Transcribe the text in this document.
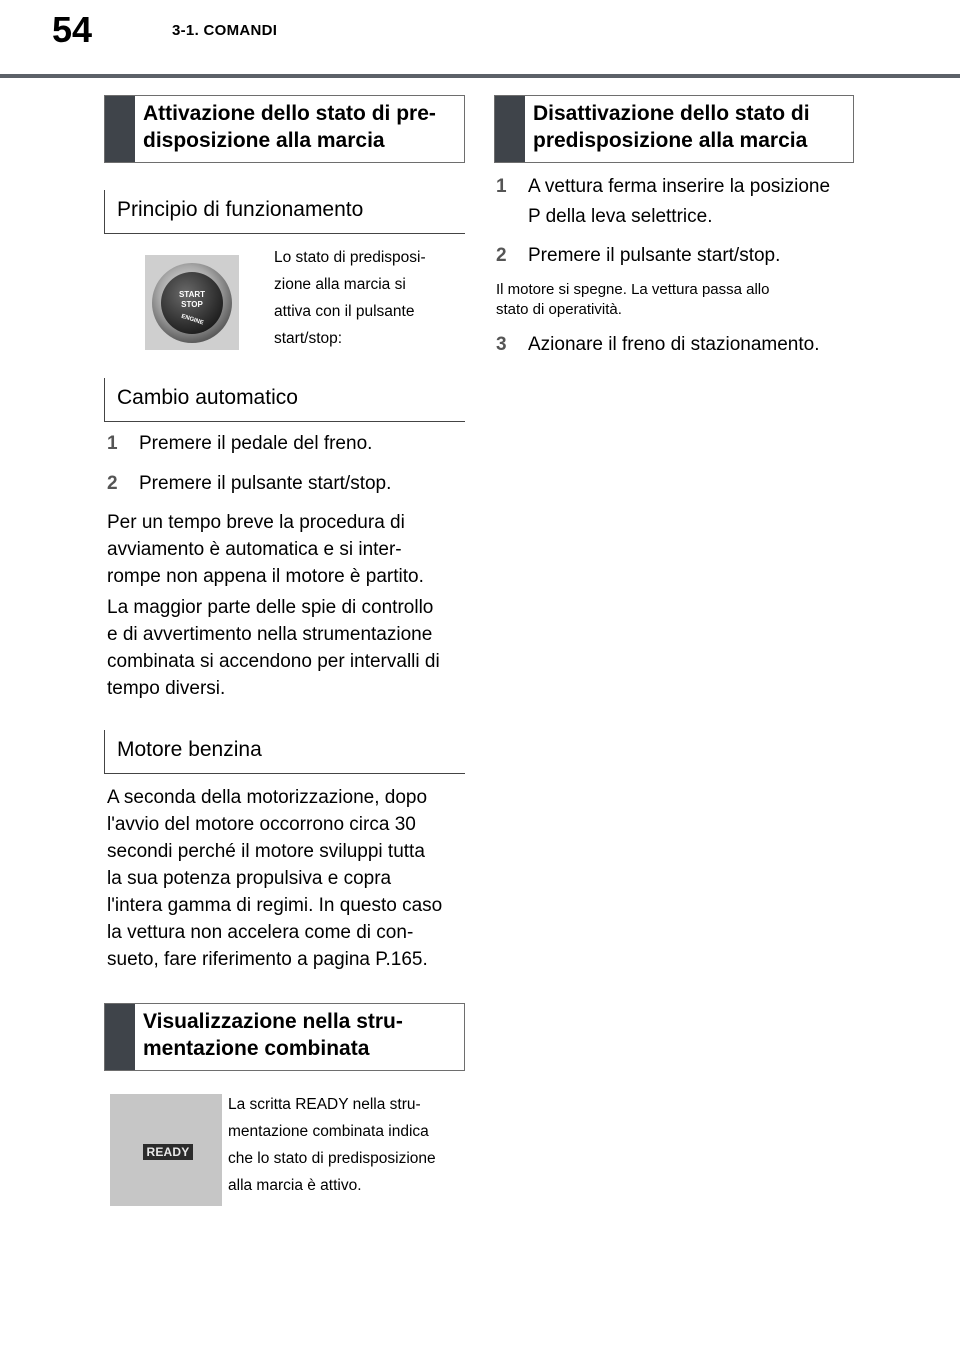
54	3-1. COMANDI
Attivazione dello stato di pre-disposizione alla marcia
Principio di funzionamento
START
STOP
ENGINE
Lo stato di predisposi-
zione alla marcia si
attiva con il pulsante
start/stop:
Cambio automatico
1 Premere il pedale del freno.
2 Premere il pulsante start/stop.
Per un tempo breve la procedura di
avviamento è automatica e si inter-
rompe non appena il motore è partito.
La maggior parte delle spie di controllo
e di avvertimento nella strumentazione
combinata si accendono per intervalli di
tempo diversi.
Motore benzina
A seconda della motorizzazione, dopo
l'avvio del motore occorrono circa 30
secondi perché il motore sviluppi tutta
la sua potenza propulsiva e copra
l'intera gamma di regimi. In questo caso
la vettura non accelera come di con-
sueto, fare riferimento a pagina P.165.
Visualizzazione nella stru-mentazione combinata
READY
La scritta READY nella stru-
mentazione combinata indica
che lo stato di predisposizione
alla marcia è attivo.
Disattivazione dello stato di predisposizione alla marcia
1 A vettura ferma inserire la posizione
P della leva selettrice.
2 Premere il pulsante start/stop.
Il motore si spegne. La vettura passa allo
stato di operatività.
3 Azionare il freno di stazionamento.
